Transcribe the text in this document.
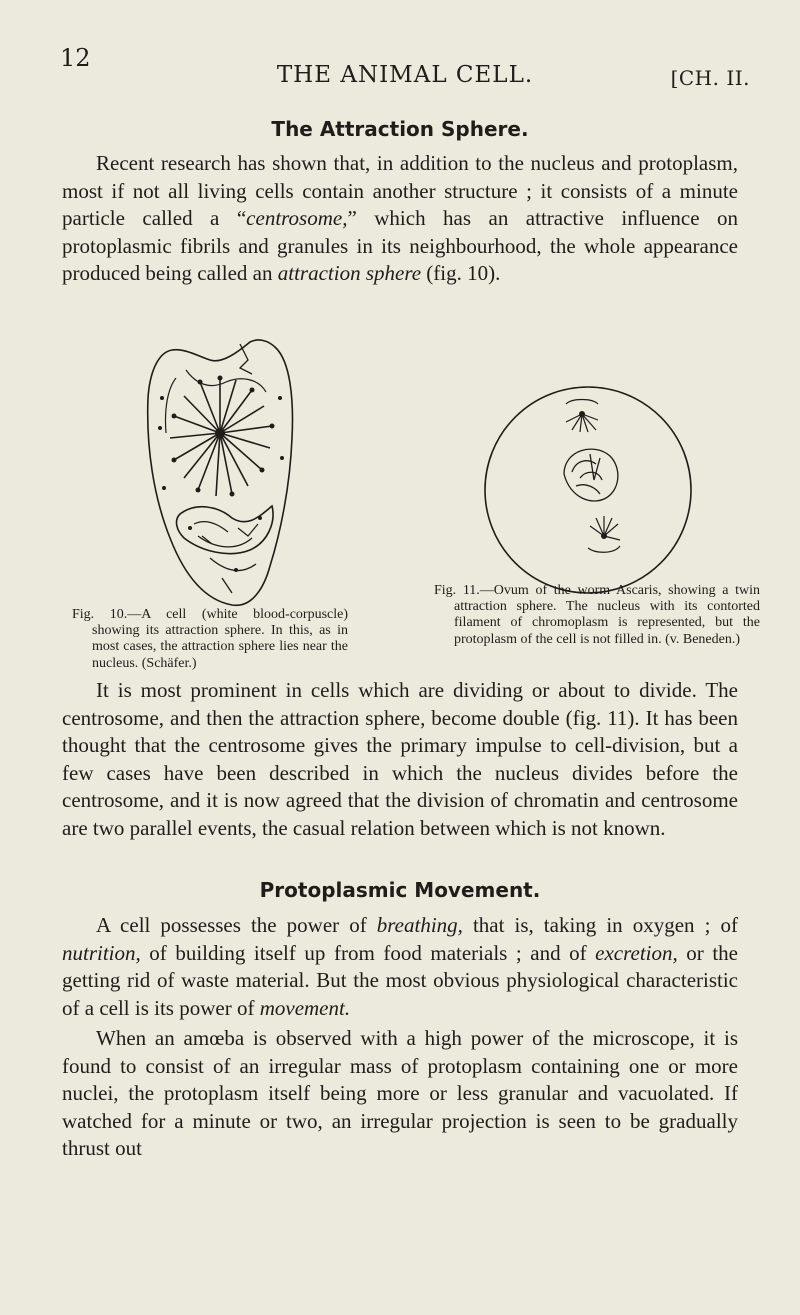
12
THE ANIMAL CELL.	[CH. II.
The Attraction Sphere.
Recent research has shown that, in addition to the nucleus and protoplasm, most if not all living cells contain another structure ; it consists of a minute particle called a “centrosome,” which has an attractive influence on protoplasmic fibrils and granules in its neighbourhood, the whole appearance produced being called an attraction sphere (fig. 10).
Fig. 10.—A cell (white blood-corpuscle) showing its attraction sphere. In this, as in most cases, the attraction sphere lies near the nucleus. (Schäfer.)
Fig. 11.—Ovum of the worm Ascaris, showing a twin attraction sphere. The nucleus with its contorted filament of chromoplasm is represented, but the protoplasm of the cell is not filled in. (v. Beneden.)
It is most prominent in cells which are dividing or about to divide. The centrosome, and then the attraction sphere, become double (fig. 11). It has been thought that the centrosome gives the primary impulse to cell-division, but a few cases have been described in which the nucleus divides before the centrosome, and it is now agreed that the division of chromatin and centrosome are two parallel events, the casual relation between which is not known.
Protoplasmic Movement.
A cell possesses the power of breathing, that is, taking in oxygen ; of nutrition, of building itself up from food materials ; and of excretion, or the getting rid of waste material. But the most obvious physiological characteristic of a cell is its power of movement.
When an amœba is observed with a high power of the microscope, it is found to consist of an irregular mass of protoplasm containing one or more nuclei, the protoplasm itself being more or less granular and vacuolated. If watched for a minute or two, an irregular projection is seen to be gradually thrust out
